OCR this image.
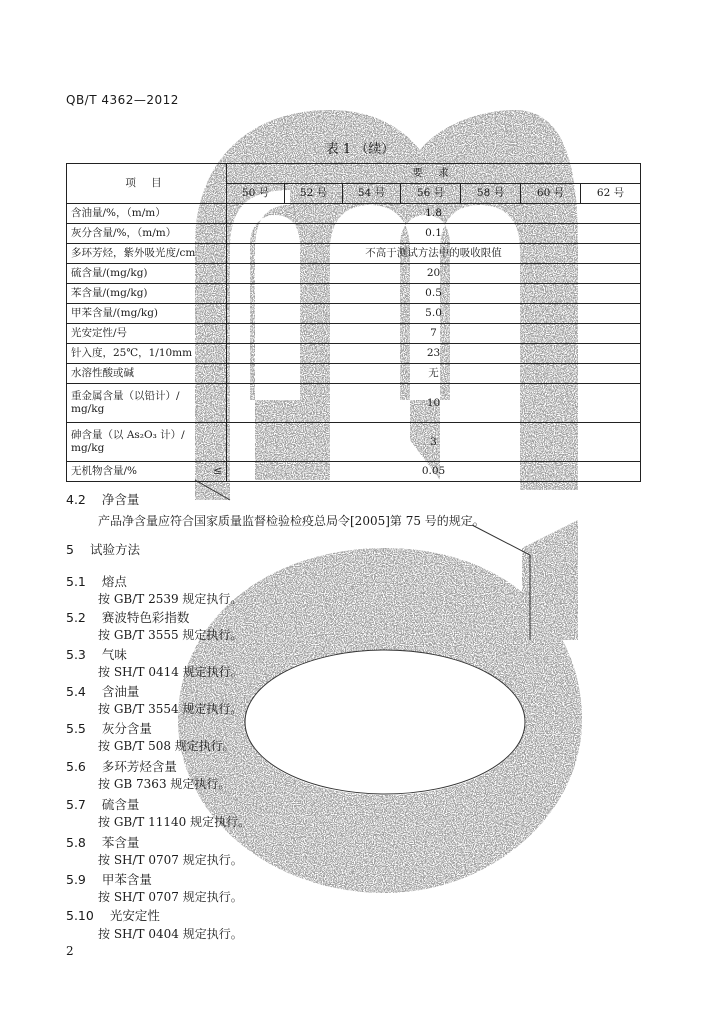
QB/T 4362—2012
表 1 （续）
项 目	要 求						
	50 号	52 号	54 号	56 号	58 号	60 号	62 号
含油量/%，（m/m）	1.8						
灰分含量/%，（m/m）	0.1						
多环芳烃，紫外吸光度/cm	不高于测试方法中的吸收限值						
硫含量/(mg/kg)	20						
苯含量/(mg/kg)	0.5						
甲苯含量/(mg/kg)	5.0						
光安定性/号	7						
针入度，25℃，1/10mm	23						
水溶性酸或碱	无						
重金属含量（以铅计）/
mg/kg	10						
砷含量（以 As₂O₃ 计）/
mg/kg	3						
无机物含量/% ≤	0.05						
4.2 净含量
产品净含量应符合国家质量监督检验检疫总局令[2005]第 75 号的规定。
5 试验方法
5.1 熔点
按 GB/T 2539 规定执行。
5.2 赛波特色彩指数
按 GB/T 3555 规定执行。
5.3 气味
按 SH/T 0414 规定执行。
5.4 含油量
按 GB/T 3554 规定执行。
5.5 灰分含量
按 GB/T 508 规定执行。
5.6 多环芳烃含量
按 GB 7363 规定执行。
5.7 硫含量
按 GB/T 11140 规定执行。
5.8 苯含量
按 SH/T 0707 规定执行。
5.9 甲苯含量
按 SH/T 0707 规定执行。
5.10 光安定性
按 SH/T 0404 规定执行。
2
